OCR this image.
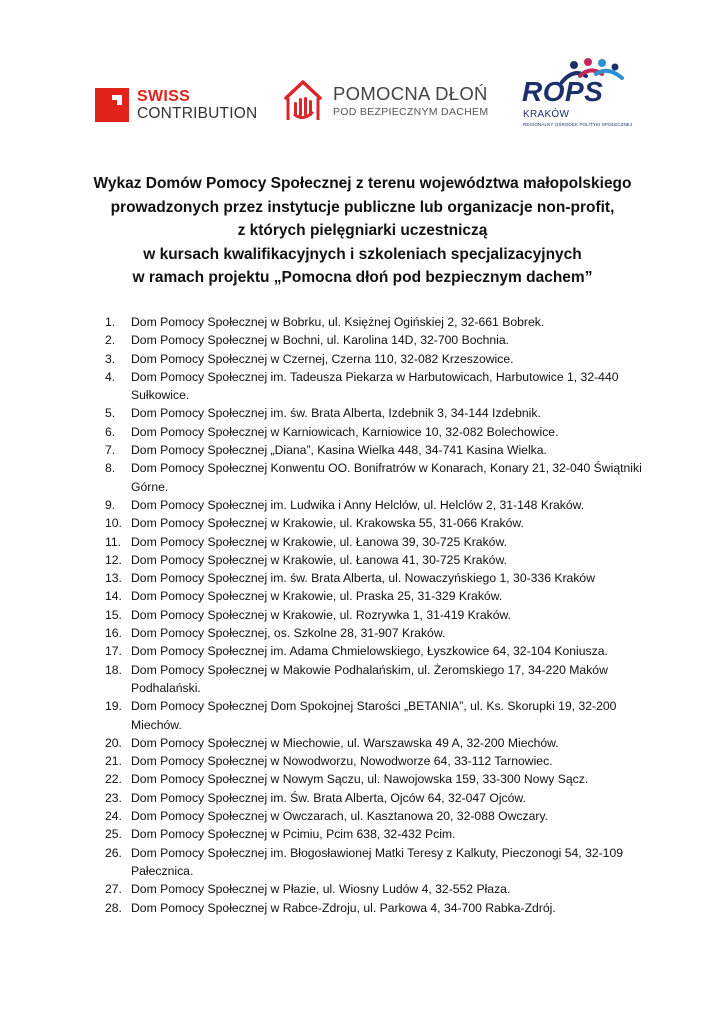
SWISS
CONTRIBUTION
POMOCNA DŁOŃ
POD BEZPIECZNYM DACHEM
ROPS
KRAKÓW
REGIONALNY OŚRODEK POLITYKI SPOŁECZNEJ
Wykaz Domów Pomocy Społecznej z terenu województwa małopolskiego
prowadzonych przez instytucje publiczne lub organizacje non-profit,
z których pielęgniarki uczestniczą
w kursach kwalifikacyjnych i szkoleniach specjalizacyjnych
w ramach projektu „Pomocna dłoń pod bezpiecznym dachem”
1.	Dom Pomocy Społecznej w Bobrku, ul. Księżnej Ogińskiej 2, 32-661 Bobrek.
2.	Dom Pomocy Społecznej w Bochni, ul. Karolina 14D, 32-700 Bochnia.
3.	Dom Pomocy Społecznej w Czernej, Czerna 110, 32-082 Krzeszowice.
4.	Dom Pomocy Społecznej im. Tadeusza Piekarza w Harbutowicach, Harbutowice 1, 32-440 Sułkowice.
5.	Dom Pomocy Społecznej im. św. Brata Alberta, Izdebnik 3, 34-144 Izdebnik.
6.	Dom Pomocy Społecznej w Karniowicach, Karniowice 10, 32-082 Bolechowice.
7.	Dom Pomocy Społecznej „Diana”, Kasina Wielka 448, 34-741 Kasina Wielka.
8.	Dom Pomocy Społecznej Konwentu OO. Bonifratrów w Konarach, Konary 21, 32-040 Świątniki Górne.
9.	Dom Pomocy Społecznej im. Ludwika i Anny Helclów, ul. Helclów 2, 31-148 Kraków.
10. Dom Pomocy Społecznej w Krakowie, ul. Krakowska 55, 31-066 Kraków.
11. Dom Pomocy Społecznej w Krakowie, ul. Łanowa 39, 30-725 Kraków.
12. Dom Pomocy Społecznej w Krakowie, ul. Łanowa 41, 30-725 Kraków.
13. Dom Pomocy Społecznej im. św. Brata Alberta, ul. Nowaczyńskiego 1, 30-336 Kraków
14. Dom Pomocy Społecznej w Krakowie, ul. Praska 25, 31-329 Kraków.
15. Dom Pomocy Społecznej w Krakowie, ul. Rozrywka 1, 31-419 Kraków.
16. Dom Pomocy Społecznej, os. Szkolne 28, 31-907 Kraków.
17. Dom Pomocy Społecznej im. Adama Chmielowskiego, Łyszkowice 64, 32-104 Koniusza.
18. Dom Pomocy Społecznej w Makowie Podhalańskim, ul. Żeromskiego 17, 34-220 Maków Podhalański.
19. Dom Pomocy Społecznej Dom Spokojnej Starości „BETANIA”, ul. Ks. Skorupki 19, 32-200 Miechów.
20. Dom Pomocy Społecznej w Miechowie, ul. Warszawska 49 A, 32-200 Miechów.
21. Dom Pomocy Społecznej w Nowodworzu, Nowodworze 64, 33-112 Tarnowiec.
22. Dom Pomocy Społecznej w Nowym Sączu, ul. Nawojowska 159, 33-300 Nowy Sącz.
23. Dom Pomocy Społecznej im. Św. Brata Alberta, Ojców 64, 32-047 Ojców.
24. Dom Pomocy Społecznej w Owczarach, ul. Kasztanowa 20, 32-088 Owczary.
25. Dom Pomocy Społecznej w Pcimiu, Pcim 638, 32-432 Pcim.
26. Dom Pomocy Społecznej im. Błogosławionej Matki Teresy z Kalkuty, Pieczonogi 54, 32-109 Pałecznica.
27. Dom Pomocy Społecznej w Płazie, ul. Wiosny Ludów 4, 32-552 Płaza.
28. Dom Pomocy Społecznej w Rabce-Zdroju, ul. Parkowa 4, 34-700 Rabka-Zdrój.
